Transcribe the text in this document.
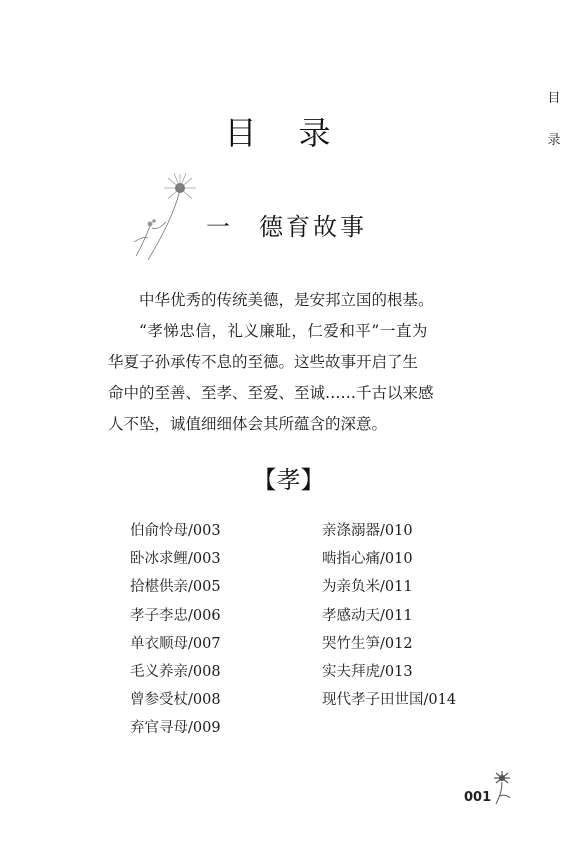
目
录
目录
一 德育故事

中华优秀的传统美德，是安邦立国的根基。

“孝悌忠信，礼义廉耻，仁爱和平”一直为

华夏子孙承传不息的至德。这些故事开启了生

命中的至善、至孝、至爱、至诚……千古以来感

人不坠，诚值细细体会其所蕴含的深意。

【孝】
伯俞怜母/003
卧冰求鲤/003
拾椹供亲/005
孝子李忠/006
单衣顺母/007
毛义养亲/008
曾参受杖/008
弃官寻母/009
亲涤溺器/010
啮指心痛/010
为亲负米/011
孝感动天/011
哭竹生笋/012
实夫拜虎/013
现代孝子田世国/014
001
